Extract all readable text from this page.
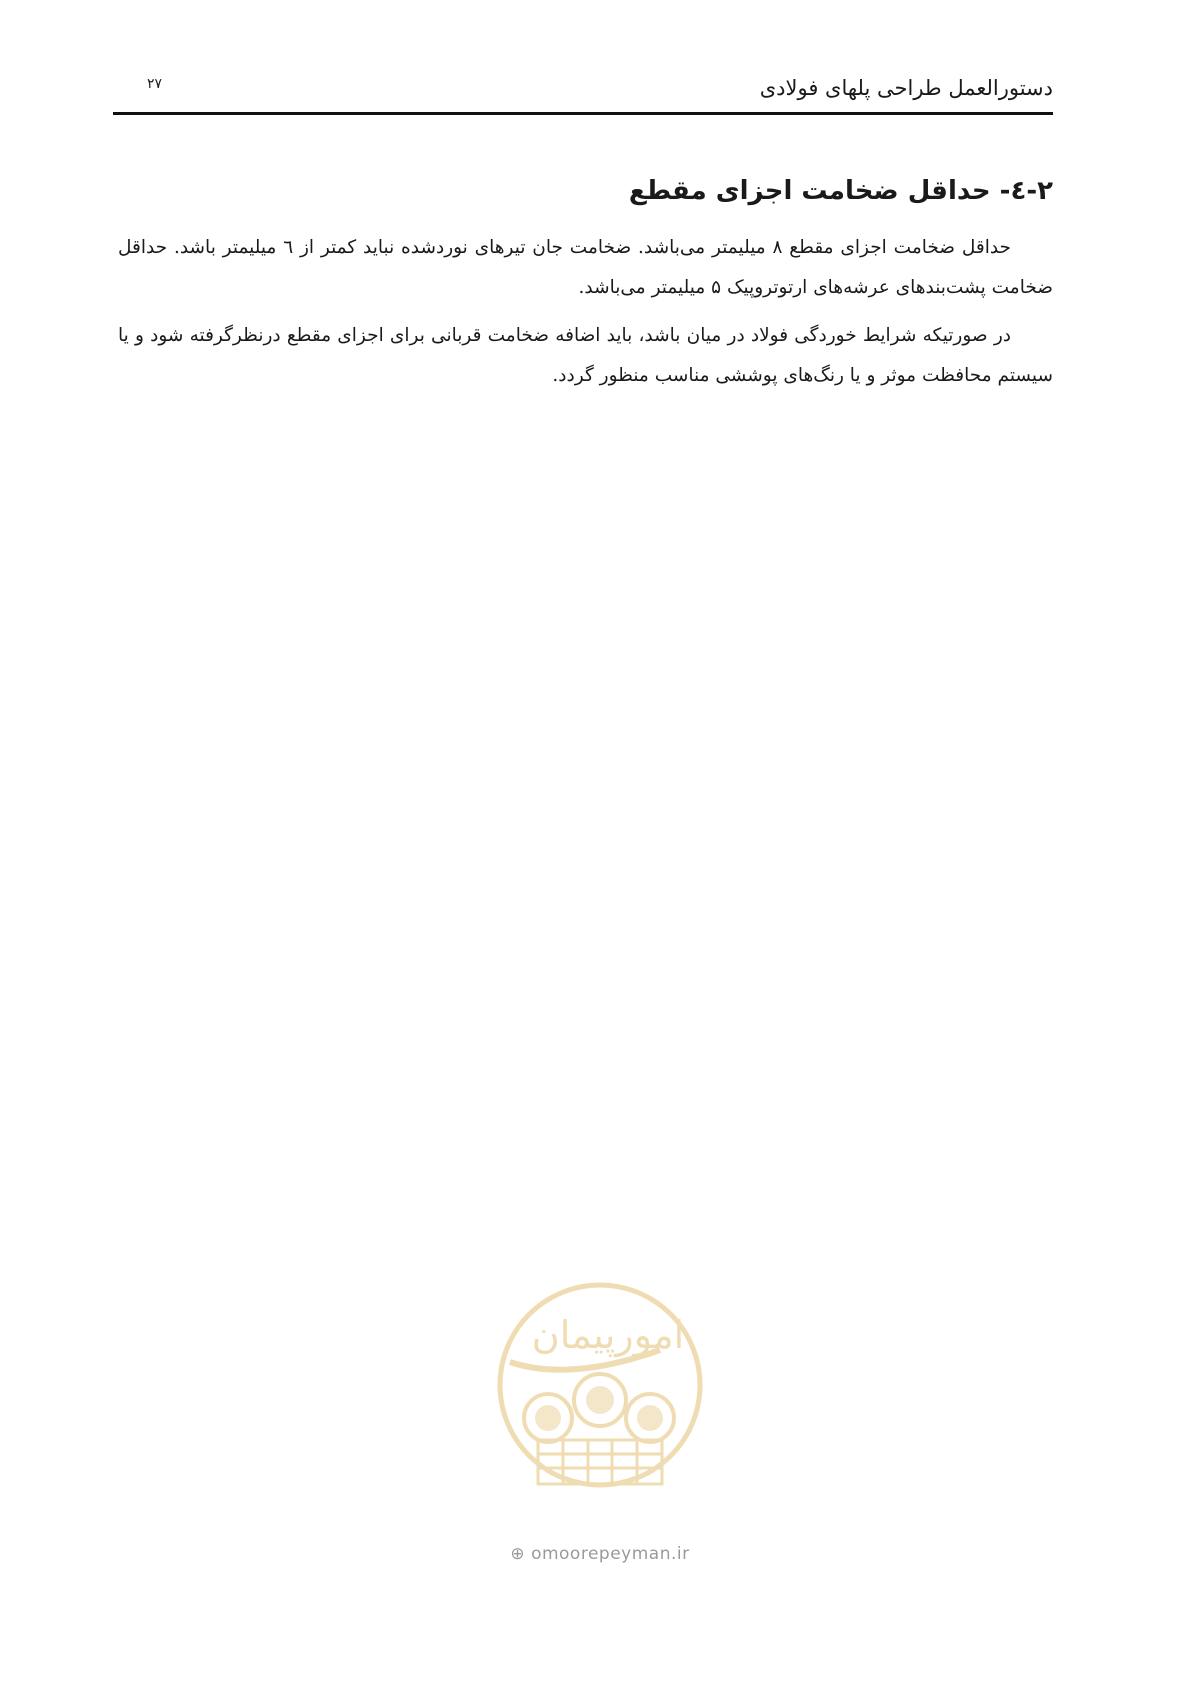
دستورالعمل طراحی پلهای فولادی
۲۷
۲-٤- حداقل ضخامت اجزای مقطع
حداقل ضخامت اجزای مقطع ۸ میلیمتر می‌باشد. ضخامت جان تیرهای نوردشده نباید کمتر از ٦ میلیمتر باشد. حداقل ضخامت پشت‌بندهای عرشه‌های ارتوتروپیک ۵ میلیمتر می‌باشد.
در صورتیکه شرایط خوردگی فولاد در میان باشد، باید اضافه ضخامت قربانی برای اجزای مقطع درنظرگرفته شود و یا سیستم محافظت موثر و یا رنگ‌های پوششی مناسب منظور گردد.
امورپیمان
⊕ omoorepeyman.ir
